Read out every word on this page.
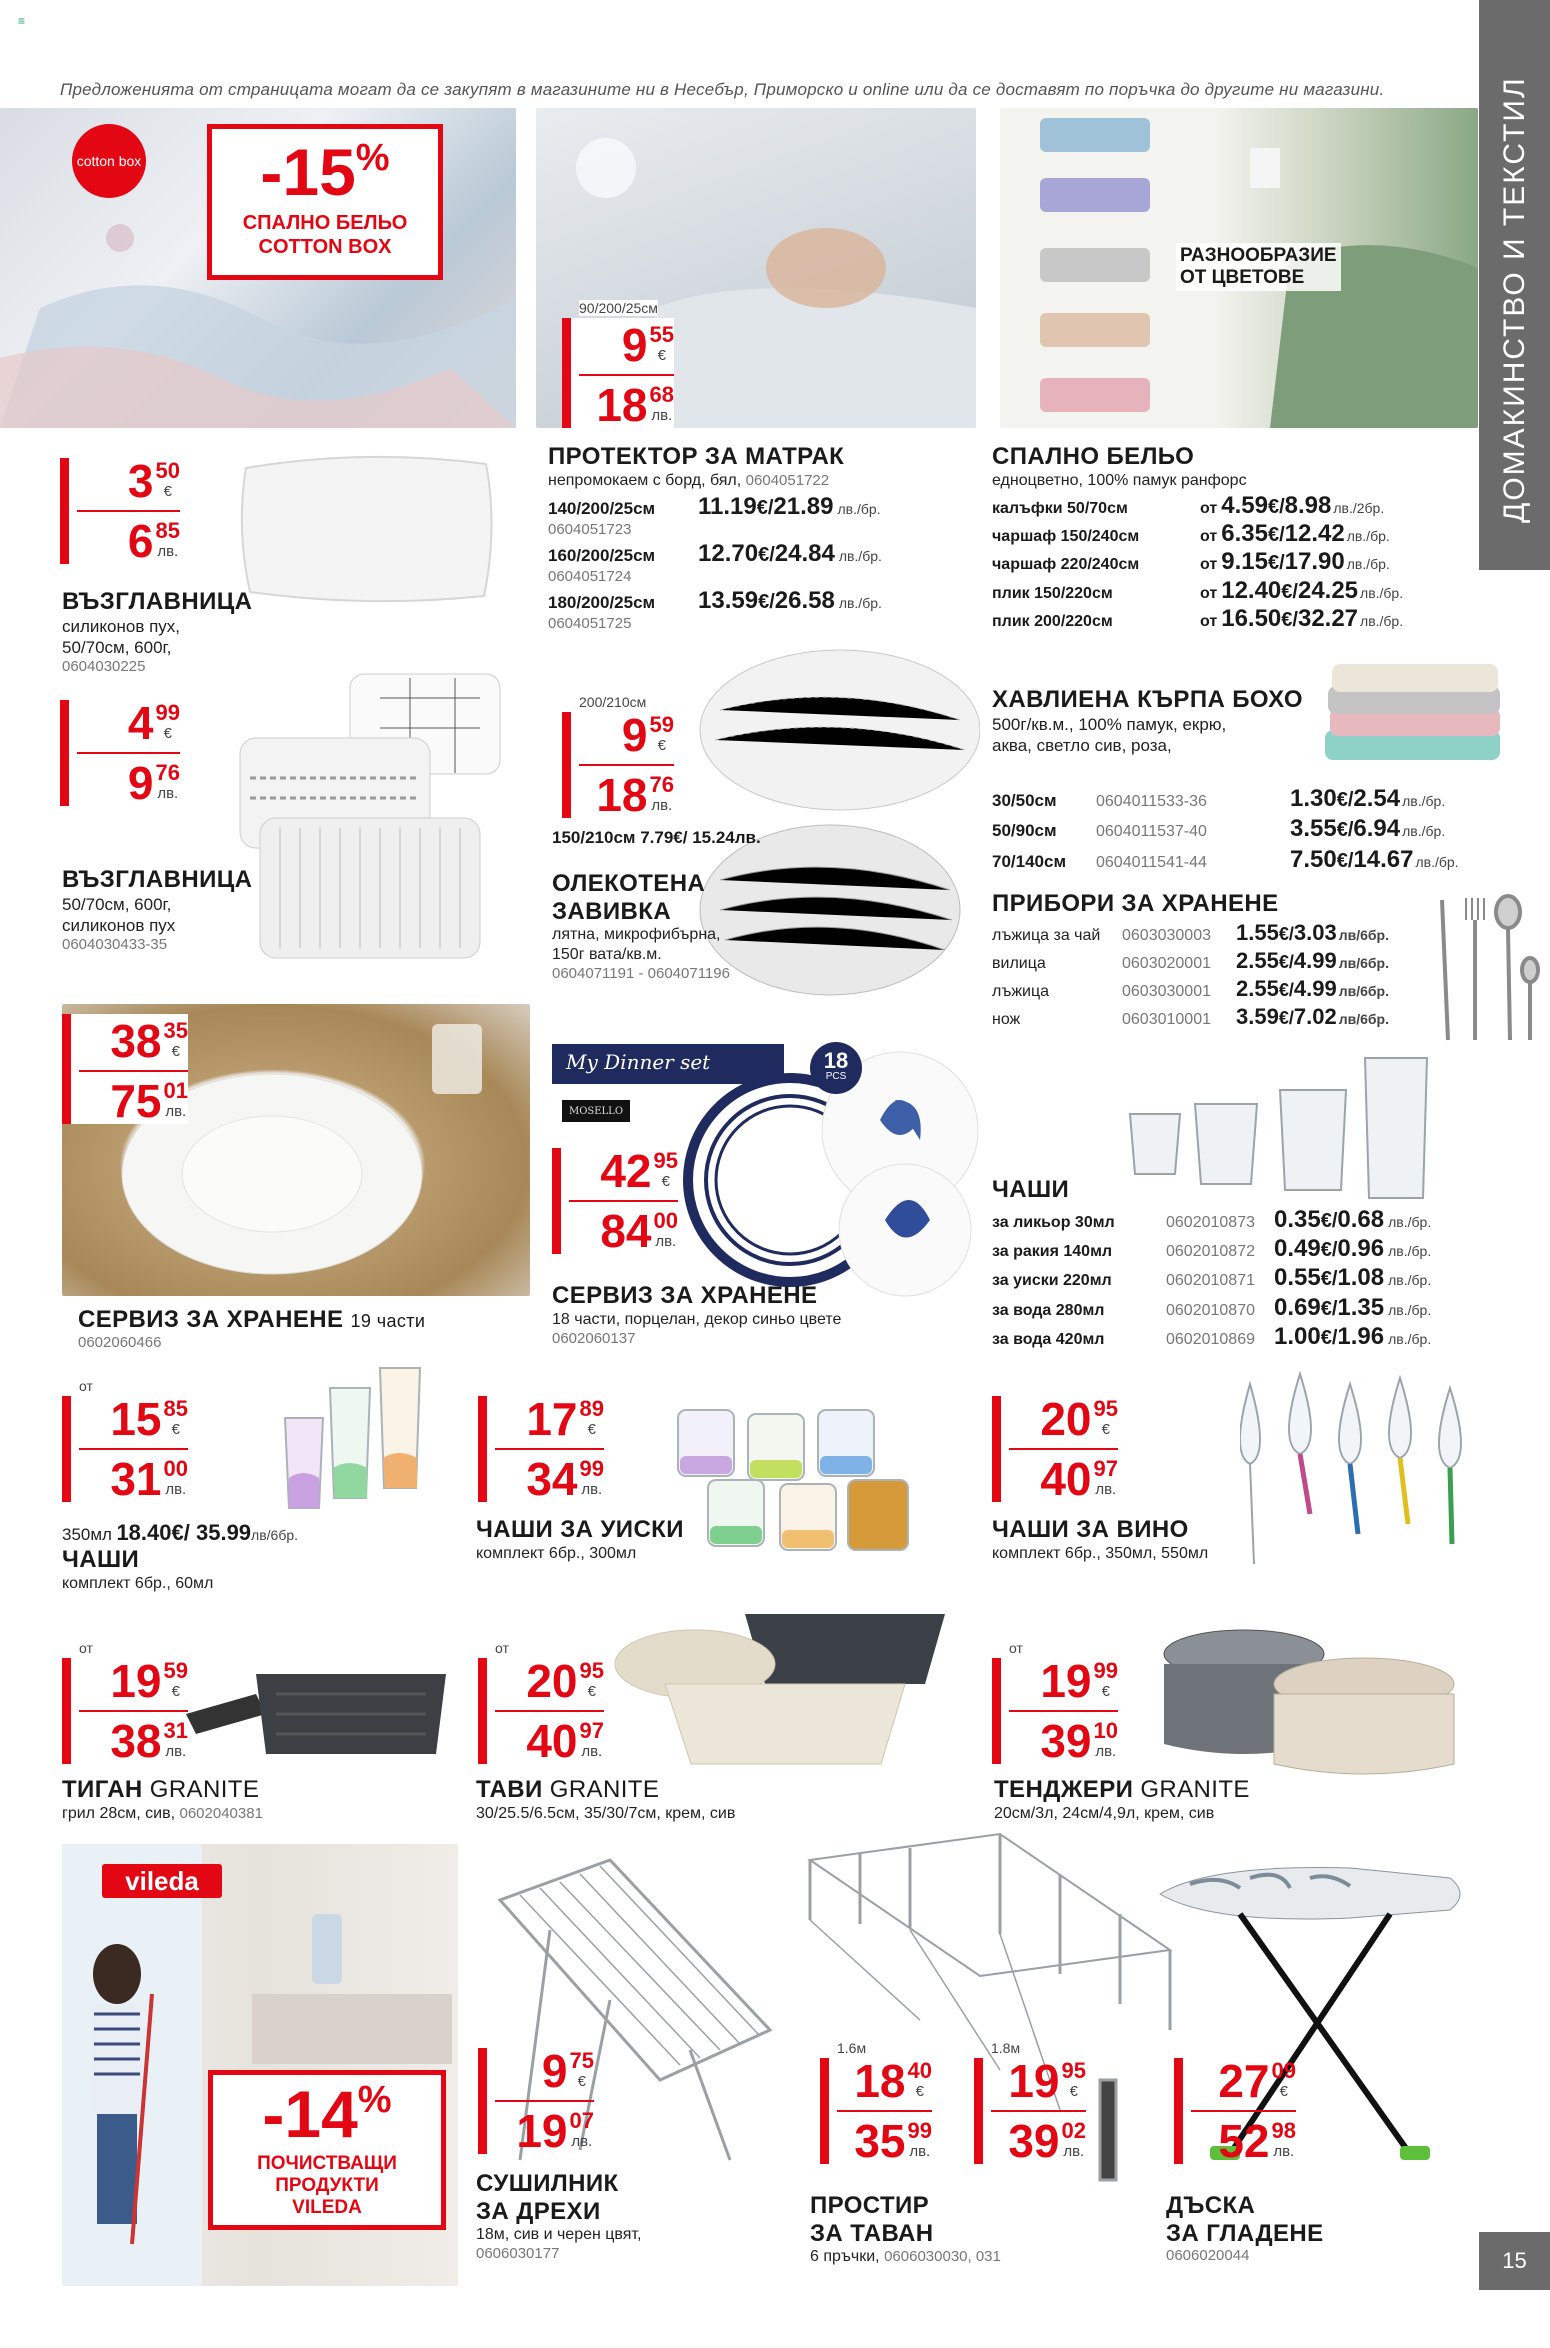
≡
Предложенията от страницата могат да се закупят в магазините ни в Несебър, Приморско и online или да се доставят по поръчка до другите ни магазини.	ДОМАКИНСТВО И ТЕКСТИЛ
cotton box -15 %
СПАЛНО БЕЛЬО
COTTON BOX
90/200/25см
9 55
€
18 68
лв.
РАЗНООБРАЗИЕ
ОТ ЦВЕТОВЕ
3 50
€
6 85
лв.
ВЪЗГЛАВНИЦА
силиконов пух,
50/70см, 600г,
0604030225
ПРОТЕКТОР ЗА МАТРАК
непромокаем с борд, бял, 0604051722
140/200/25см	11.19 € / 21.89 лв./бр.
0604051723
160/200/25см	12.70 € / 24.84 лв./бр.
0604051724
180/200/25см	13.59 € / 26.58 лв./бр.
0604051725
СПАЛНО БЕЛЬО
едноцветно, 100% памук ранфорс
калъфки 50/70см	от 4.59 € / 8.98 лв./2бр.
чаршаф 150/240см	от 6.35 € / 12.42 лв./бр.
чаршаф 220/240см	от 9.15 € / 17.90 лв./бр.
плик 150/220см	от 12.40 € / 24.25 лв./бр.
плик 200/220см	от 16.50 € / 32.27 лв./бр.
4 99
€
9 76
лв.
ВЪЗГЛАВНИЦА
50/70см, 600г,
силиконов пух
0604030433-35
200/210см
9 59
€
18 76
лв.
150/210см 7.79€/ 15.24лв.
ОЛЕКОТЕНА
ЗАВИВКА
лятна, микрофибърна,
150г вата/кв.м.
0604071191 - 0604071196
ХАВЛИЕНА КЪРПА БОХО
500г/кв.м., 100% памук, екрю,
аква, светло сив, роза,
30/50см	0604011533-36	1.30 € / 2.54 лв./бр.
50/90см	0604011537-40	3.55 € / 6.94 лв./бр.
70/140см	0604011541-44	7.50 € / 14.67 лв./бр.
ПРИБОРИ ЗА ХРАНЕНЕ
лъжица за чай	0603030003	1.55 € / 3.03 лв/6бр.
вилица	0603020001	2.55 € / 4.99 лв/6бр.
лъжица	0603030001	2.55 € / 4.99 лв/6бр.
нож	0603010001	3.59 € / 7.02 лв/6бр.
38 35
€
75 01
лв.
СЕРВИЗ ЗА ХРАНЕНЕ 19 части
0602060466
My Dinner set
MOSELLO
18
PCS
42 95
€
84 00
лв.
СЕРВИЗ ЗА ХРАНЕНЕ
18 части, порцелан, декор синьо цвете
0602060137
ЧАШИ
за ликьор 30мл	0602010873 0.35 € / 0.68 лв./бр.
за ракия 140мл	0602010872 0.49 € / 0.96 лв./бр.
за уиски 220мл	0602010871 0.55 € / 1.08 лв./бр.
за вода 280мл	0602010870 0.69 € / 1.35 лв./бр.
за вода 420мл	0602010869 1.00 € / 1.96 лв./бр.
от
15 85
€
31 00
лв.
350мл
18.40 € / 35.99 лв/6бр.
ЧАШИ
комплект 6бр., 60мл
17 89
€
34 99
лв.
ЧАШИ ЗА УИСКИ
комплект 6бр., 300мл
20 95
€
40 97
лв.
ЧАШИ ЗА ВИНО
комплект 6бр., 350мл, 550мл
от
19 59
€
38 31
лв.
ТИГАН GRANITE
грил 28см, сив, 0602040381
от
20 95
€
40 97
лв.
ТАВИ GRANITE
30/25.5/6.5см, 35/30/7см, крем, сив
от
19 99
€
39 10
лв.
ТЕНДЖЕРИ GRANITE
20см/3л, 24см/4,9л, крем, сив
vileda
-14 %
ПОЧИСТВАЩИ
ПРОДУКТИ
VILEDA
9 75
€
19 07
лв.
СУШИЛНИК
ЗА ДРЕХИ
18м, сив и черен цвят,
0606030177
1.6м
18 40
€
35 99
лв.
1.8м
19 95
€
39 02
лв.
ПРОСТИР
ЗА ТАВАН
6 пръчки, 0606030030, 031
27 09
€
52 98
лв.
ДЪСКА
ЗА ГЛАДЕНЕ
0606020044	15
